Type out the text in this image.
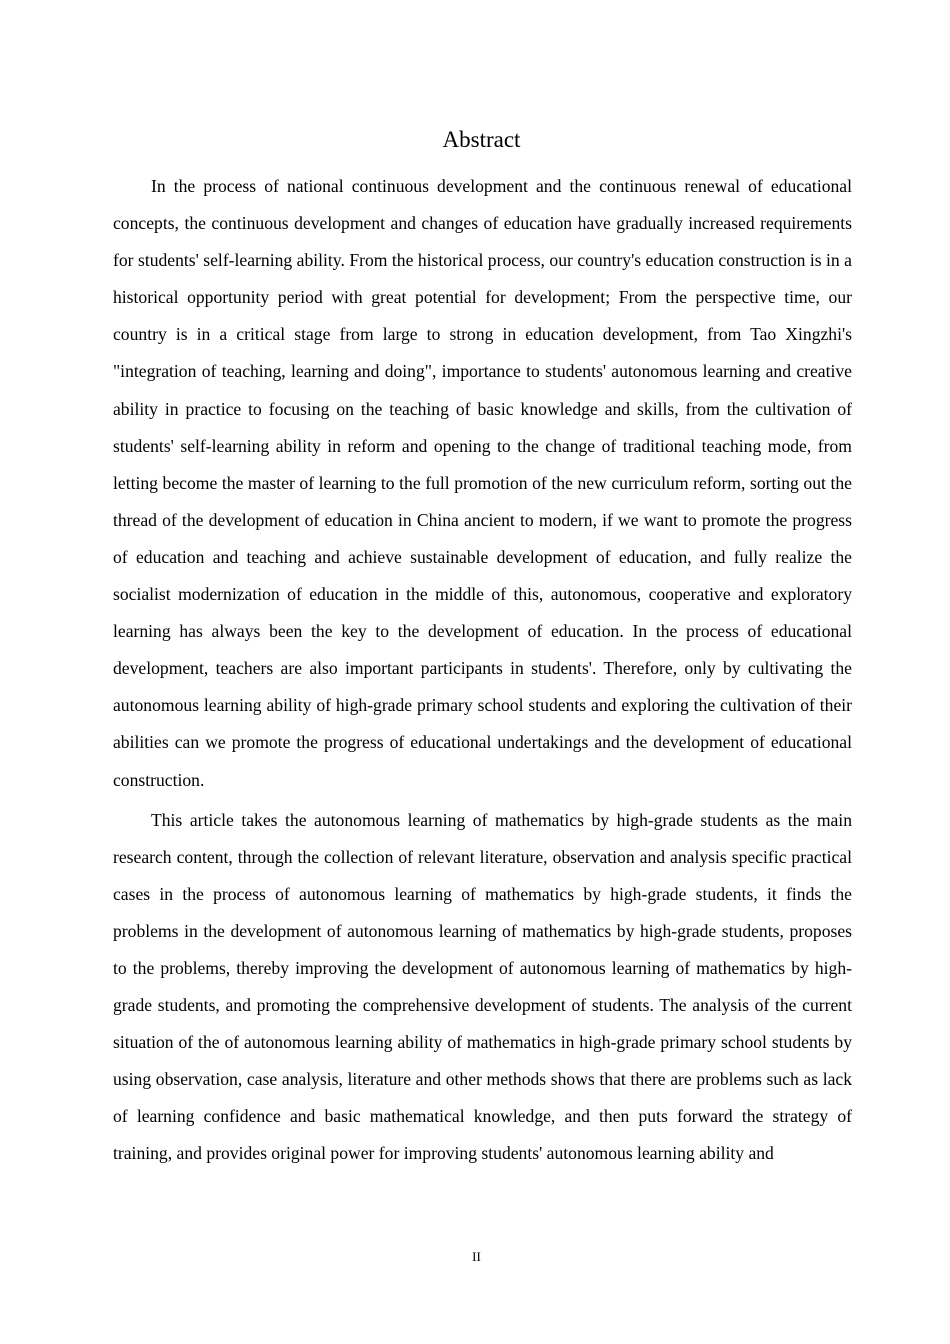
Abstract

In the process of national continuous development and the continuous renewal of educational concepts, the continuous development and changes of education have gradually increased requirements for students' self-learning ability. From the historical process, our country's education construction is in a historical opportunity period with great potential for development; From the perspective time, our country is in a critical stage from large to strong in education development, from Tao Xingzhi's "integration of teaching, learning and doing", importance to students' autonomous learning and creative ability in practice to focusing on the teaching of basic knowledge and skills, from the cultivation of students' self-learning ability in reform and opening to the change of traditional teaching mode, from letting become the master of learning to the full promotion of the new curriculum reform, sorting out the thread of the development of education in China ancient to modern, if we want to promote the progress of education and teaching and achieve sustainable development of education, and fully realize the socialist modernization of education in the middle of this, autonomous, cooperative and exploratory learning has always been the key to the development of education. In the process of educational development, teachers are also important participants in students'. Therefore, only by cultivating the autonomous learning ability of high-grade primary school students and exploring the cultivation of their abilities can we promote the progress of educational undertakings and the development of educational construction.

This article takes the autonomous learning of mathematics by high-grade students as the main research content, through the collection of relevant literature, observation and analysis specific practical cases in the process of autonomous learning of mathematics by high-grade students, it finds the problems in the development of autonomous learning of mathematics by high-grade students, proposes to the problems, thereby improving the development of autonomous learning of mathematics by high-grade students, and promoting the comprehensive development of students. The analysis of the current situation of the of autonomous learning ability of mathematics in high-grade primary school students by using observation, case analysis, literature and other methods shows that there are problems such as lack of learning confidence and basic mathematical knowledge, and then puts forward the strategy of training, and provides original power for improving students' autonomous learning ability and

II
